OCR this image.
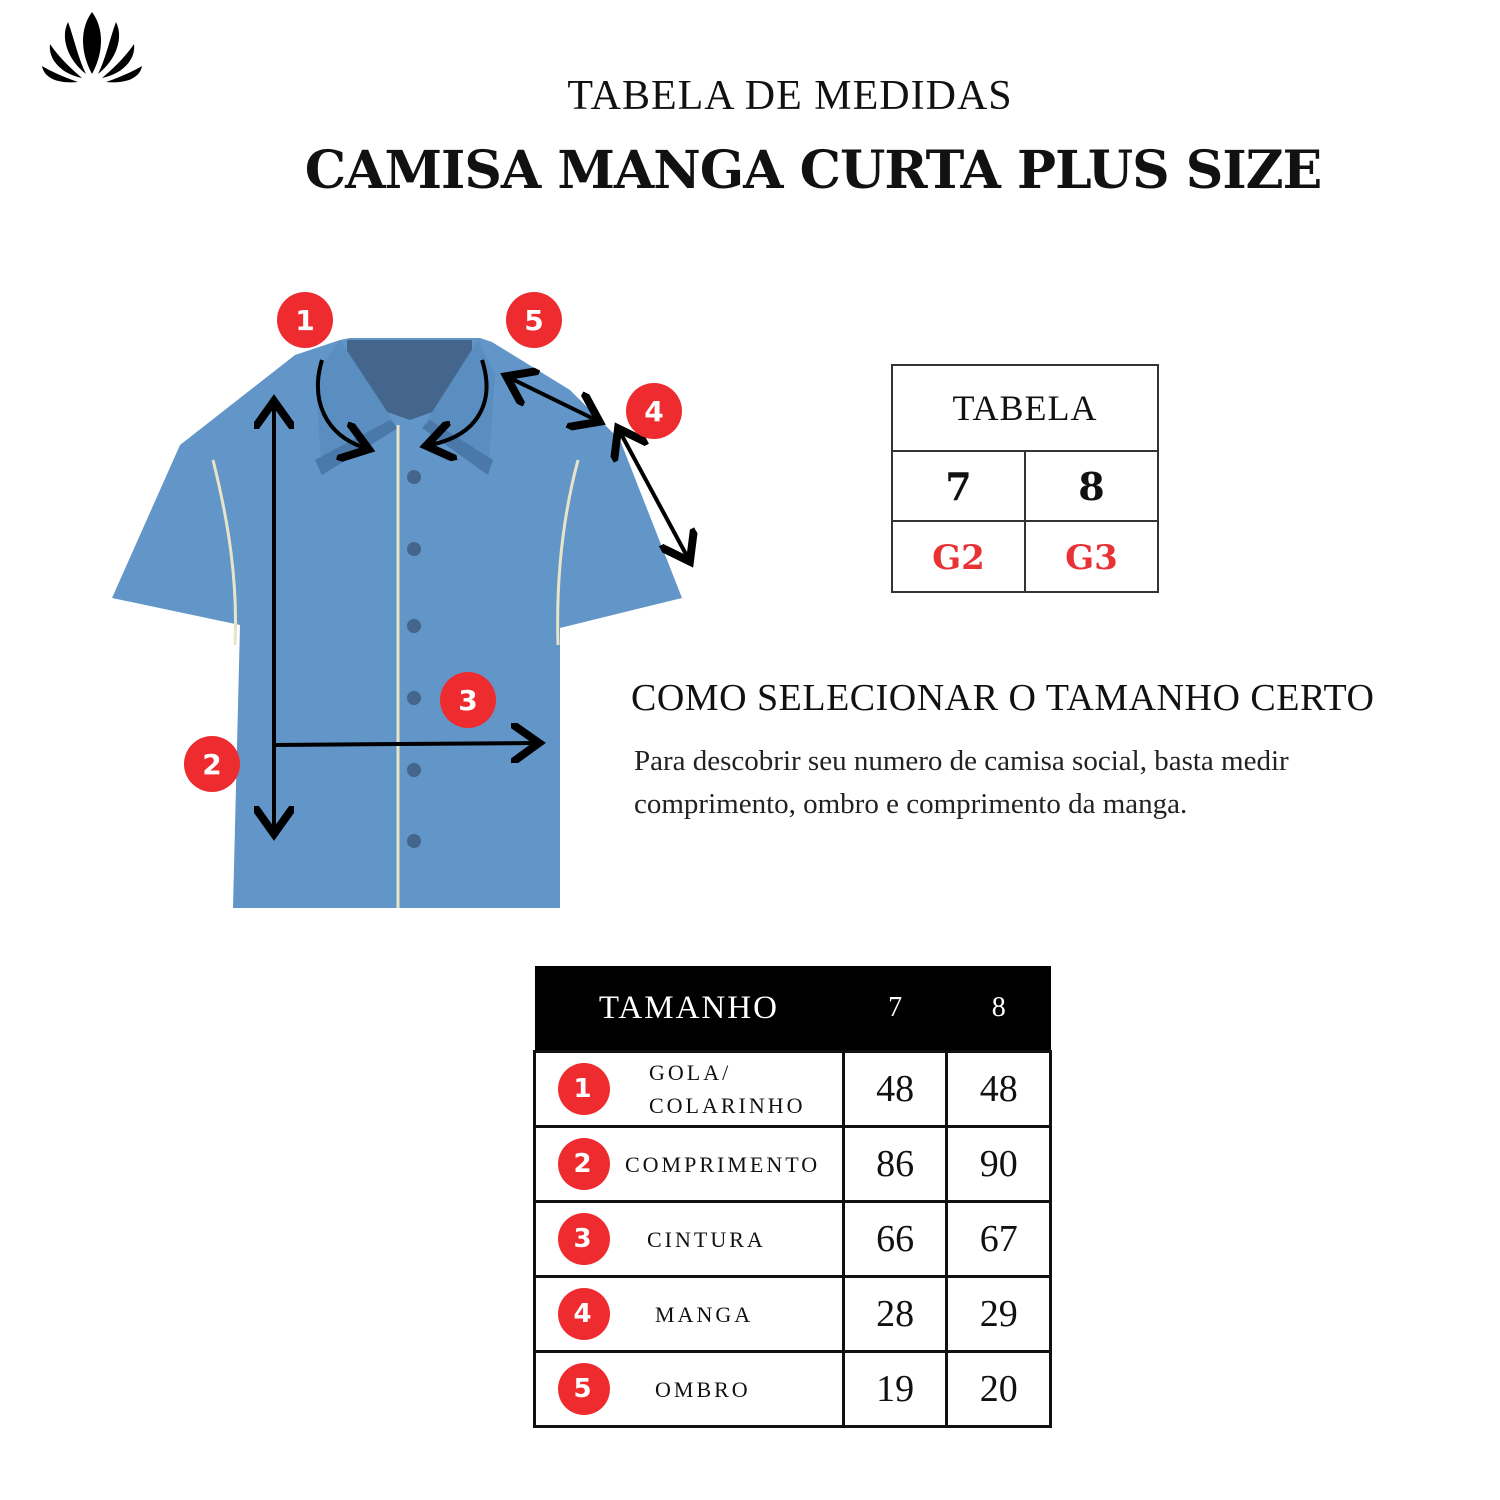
TABELA DE MEDIDAS
CAMISA MANGA CURTA PLUS SIZE
1	5
4
3
2
TABELA
7	8
G2	G3
COMO SELECIONAR O TAMANHO CERTO
Para descobrir seu numero de camisa social, basta medir comprimento, ombro e comprimento da manga.
TAMANHO	7	8

1
GOLA/ COLARINHO	48	48

2 COMPRIMENTO	86	90

3 CINTURA	66	67

4 MANGA	28	29

5 OMBRO	19	20
